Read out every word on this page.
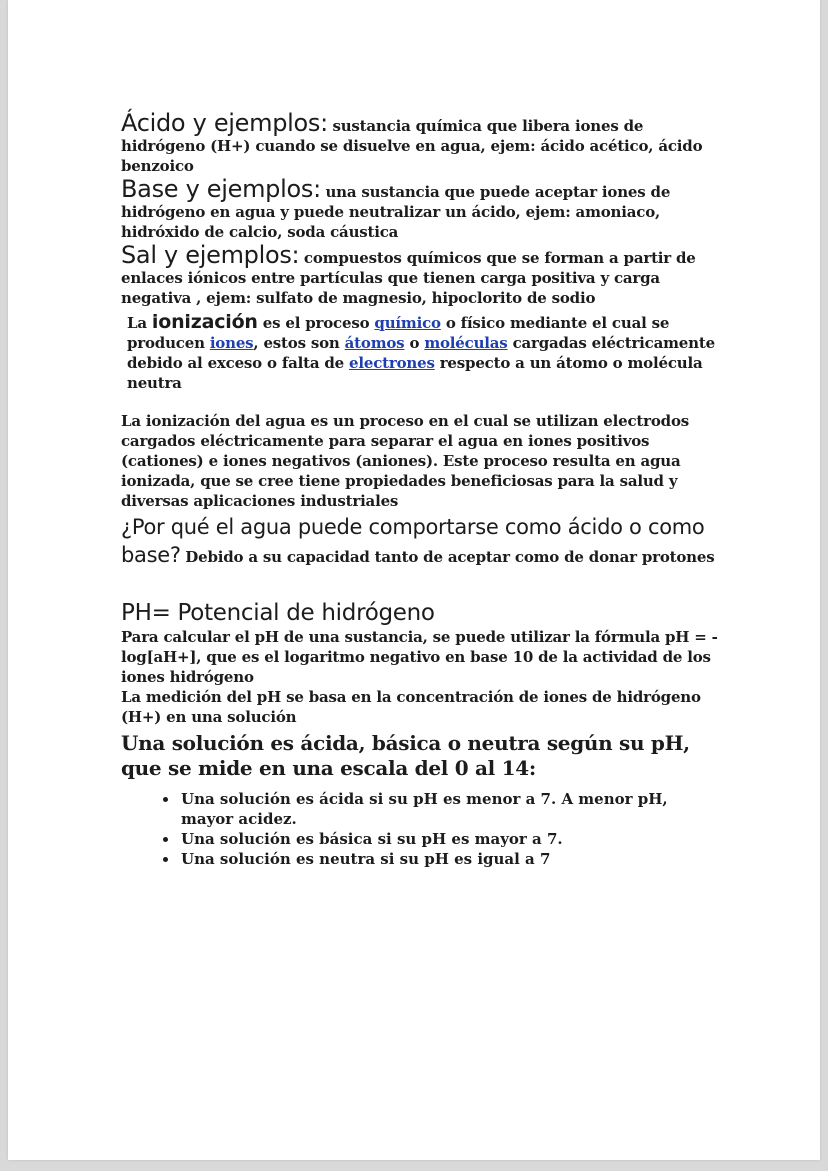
Ácido y ejemplos: sustancia química que libera iones de hidrógeno (H+) cuando se disuelve en agua, ejem: ácido acético, ácido benzoico

Base y ejemplos: una sustancia que puede aceptar iones de hidrógeno en agua y puede neutralizar un ácido, ejem: amoniaco, hidróxido de calcio, soda cáustica

Sal y ejemplos: compuestos químicos que se forman a partir de enlaces iónicos entre partículas que tienen carga positiva y carga negativa , ejem: sulfato de magnesio, hipoclorito de sodio

La ionización es el proceso químico o físico mediante el cual se producen iones, estos son átomos o moléculas cargadas eléctricamente debido al exceso o falta de electrones respecto a un átomo o molécula neutra

La ionización del agua es un proceso en el cual se utilizan electrodos cargados eléctricamente para separar el agua en iones positivos (cationes) e iones negativos (aniones). Este proceso resulta en agua ionizada, que se cree tiene propiedades beneficiosas para la salud y diversas aplicaciones industriales

¿Por qué el agua puede comportarse como ácido o como base? Debido a su capacidad tanto de aceptar como de donar protones

PH= Potencial de hidrógeno

Para calcular el pH de una sustancia, se puede utilizar la fórmula pH = -log[aH+], que es el logaritmo negativo en base 10 de la actividad de los iones hidrógeno

La medición del pH se basa en la concentración de iones de hidrógeno (H+) en una solución

Una solución es ácida, básica o neutra según su pH, que se mide en una escala del 0 al 14:
• Una solución es ácida si su pH es menor a 7. A menor pH, mayor acidez.
• Una solución es básica si su pH es mayor a 7.
• Una solución es neutra si su pH es igual a 7
